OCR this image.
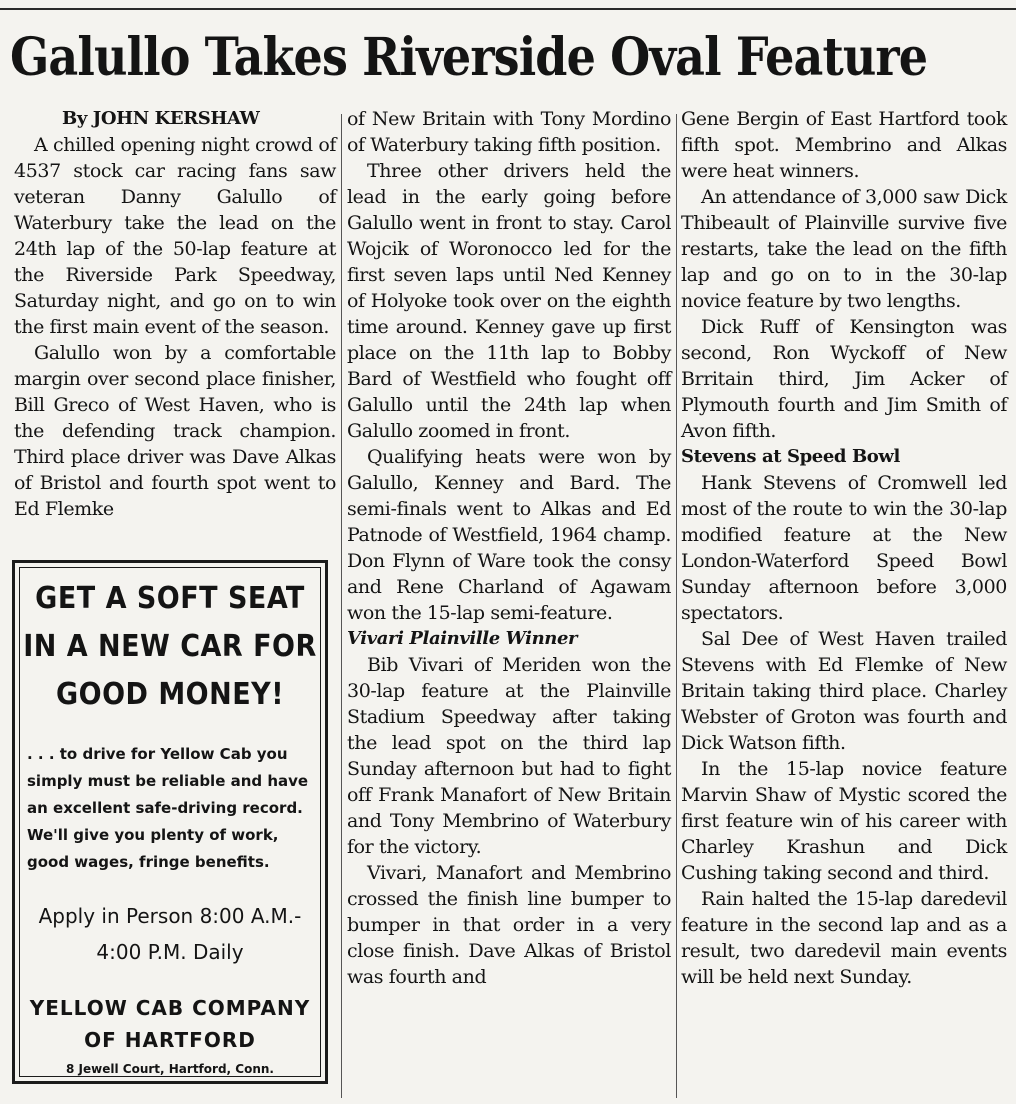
Galullo Takes Riverside Oval Feature
By JOHN KERSHAW

A chilled opening night crowd of 4537 stock car racing fans saw veteran Danny Galullo of Waterbury take the lead on the 24th lap of the 50-lap feature at the Riverside Park Speedway, Saturday night, and go on to win the first main event of the season.

Galullo won by a comfortable margin over second place finisher, Bill Greco of West Haven, who is the defending track champion. Third place driver was Dave Alkas of Bristol and fourth spot went to Ed Flemke

GET A SOFT SEAT
IN A NEW CAR FOR
GOOD MONEY!
. . . to drive for Yellow Cab you simply must be reliable and have an excellent safe-driving record. We'll give you plenty of work, good wages, fringe benefits.
Apply in Person 8:00 A.M.-
4:00 P.M. Daily
YELLOW CAB COMPANY
OF HARTFORD
8 Jewell Court, Hartford, Conn.

of New Britain with Tony Mordino of Waterbury taking fifth position.

Three other drivers held the lead in the early going before Galullo went in front to stay. Carol Wojcik of Woronocco led for the first seven laps until Ned Kenney of Holyoke took over on the eighth time around. Kenney gave up first place on the 11th lap to Bobby Bard of Westfield who fought off Galullo until the 24th lap when Galullo zoomed in front.

Qualifying heats were won by Galullo, Kenney and Bard. The semi-finals went to Alkas and Ed Patnode of Westfield, 1964 champ. Don Flynn of Ware took the consy and Rene Charland of Agawam won the 15-lap semi-feature.

Vivari Plainville Winner

Bib Vivari of Meriden won the 30-lap feature at the Plainville Stadium Speedway after taking the lead spot on the third lap Sunday afternoon but had to fight off Frank Manafort of New Britain and Tony Membrino of Waterbury for the victory.

Vivari, Manafort and Membrino crossed the finish line bumper to bumper in that order in a very close finish. Dave Alkas of Bristol was fourth and

Gene Bergin of East Hartford took fifth spot. Membrino and Alkas were heat winners.

An attendance of 3,000 saw Dick Thibeault of Plainville survive five restarts, take the lead on the fifth lap and go on to in the 30-lap novice feature by two lengths.

Dick Ruff of Kensington was second, Ron Wyckoff of New Brritain third, Jim Acker of Plymouth fourth and Jim Smith of Avon fifth.

Stevens at Speed Bowl

Hank Stevens of Cromwell led most of the route to win the 30-lap modified feature at the New London-Waterford Speed Bowl Sunday afternoon before 3,000 spectators.

Sal Dee of West Haven trailed Stevens with Ed Flemke of New Britain taking third place. Charley Webster of Groton was fourth and Dick Watson fifth.

In the 15-lap novice feature Marvin Shaw of Mystic scored the first feature win of his career with Charley Krashun and Dick Cushing taking second and third.

Rain halted the 15-lap daredevil feature in the second lap and as a result, two daredevil main events will be held next Sunday.
